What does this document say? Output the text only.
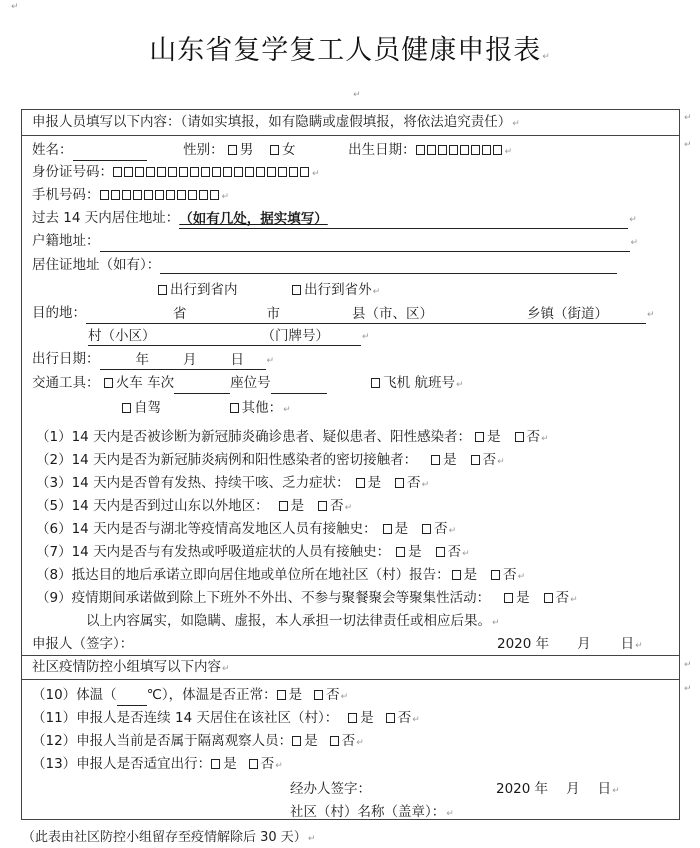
↵
山东省复学复工人员健康申报表↵
↵
申报人员填写以下内容：（请如实填报，如有隐瞒或虚假填报，将依法追究责任）↵
姓名：	性别： 男 女	出生日期：	↵
身份证号码：	↵
手机号码：	↵
过去 14 天内居住地址：（如有几处，据实填写）	↵
户籍地址：	↵
居住证地址（如有）：
出行到省内	出行到省外↵
目的地：	省	市	县（市、区）	乡镇（街道）	↵
村（小区）	（门牌号）	↵
出行日期：	年	月	日	↵
交通工具： 火车 车次	座位号	飞机 航班号↵
自驾	其他：↵
（1）14 天内是否被诊断为新冠肺炎确诊患者、疑似患者、阳性感染者： 是 否↵
（2）14 天内是否为新冠肺炎病例和阳性感染者的密切接触者： 是 否↵
（3）14 天内是否曾有发热、持续干咳、乏力症状： 是 否↵
（5）14 天内是否到过山东以外地区： 是 否↵
（6）14 天内是否与湖北等疫情高发地区人员有接触史： 是 否↵
（7）14 天内是否与有发热或呼吸道症状的人员有接触史： 是 否↵
（8）抵达目的地后承诺立即向居住地或单位所在地社区（村）报告： 是 否↵
（9）疫情期间承诺做到除上下班外不外出、不参与聚餐聚会等聚集性活动： 是 否↵
以上内容属实，如隐瞒、虚报，本人承担一切法律责任或相应后果。↵
申报人（签字）：	2020 年 月 日↵
社区疫情防控小组填写以下内容↵
（10）体温（ ℃），体温是否正常： 是 否↵
（11）申报人是否连续 14 天居住在该社区（村）： 是 否↵
（12）申报人当前是否属于隔离观察人员： 是 否↵
（13）申报人是否适宜出行： 是 否↵
经办人签字：	2020 年 月 日↵
社区（村）名称（盖章）：↵
↵
↵
↵
↵
（此表由社区防控小组留存至疫情解除后 30 天）↵
